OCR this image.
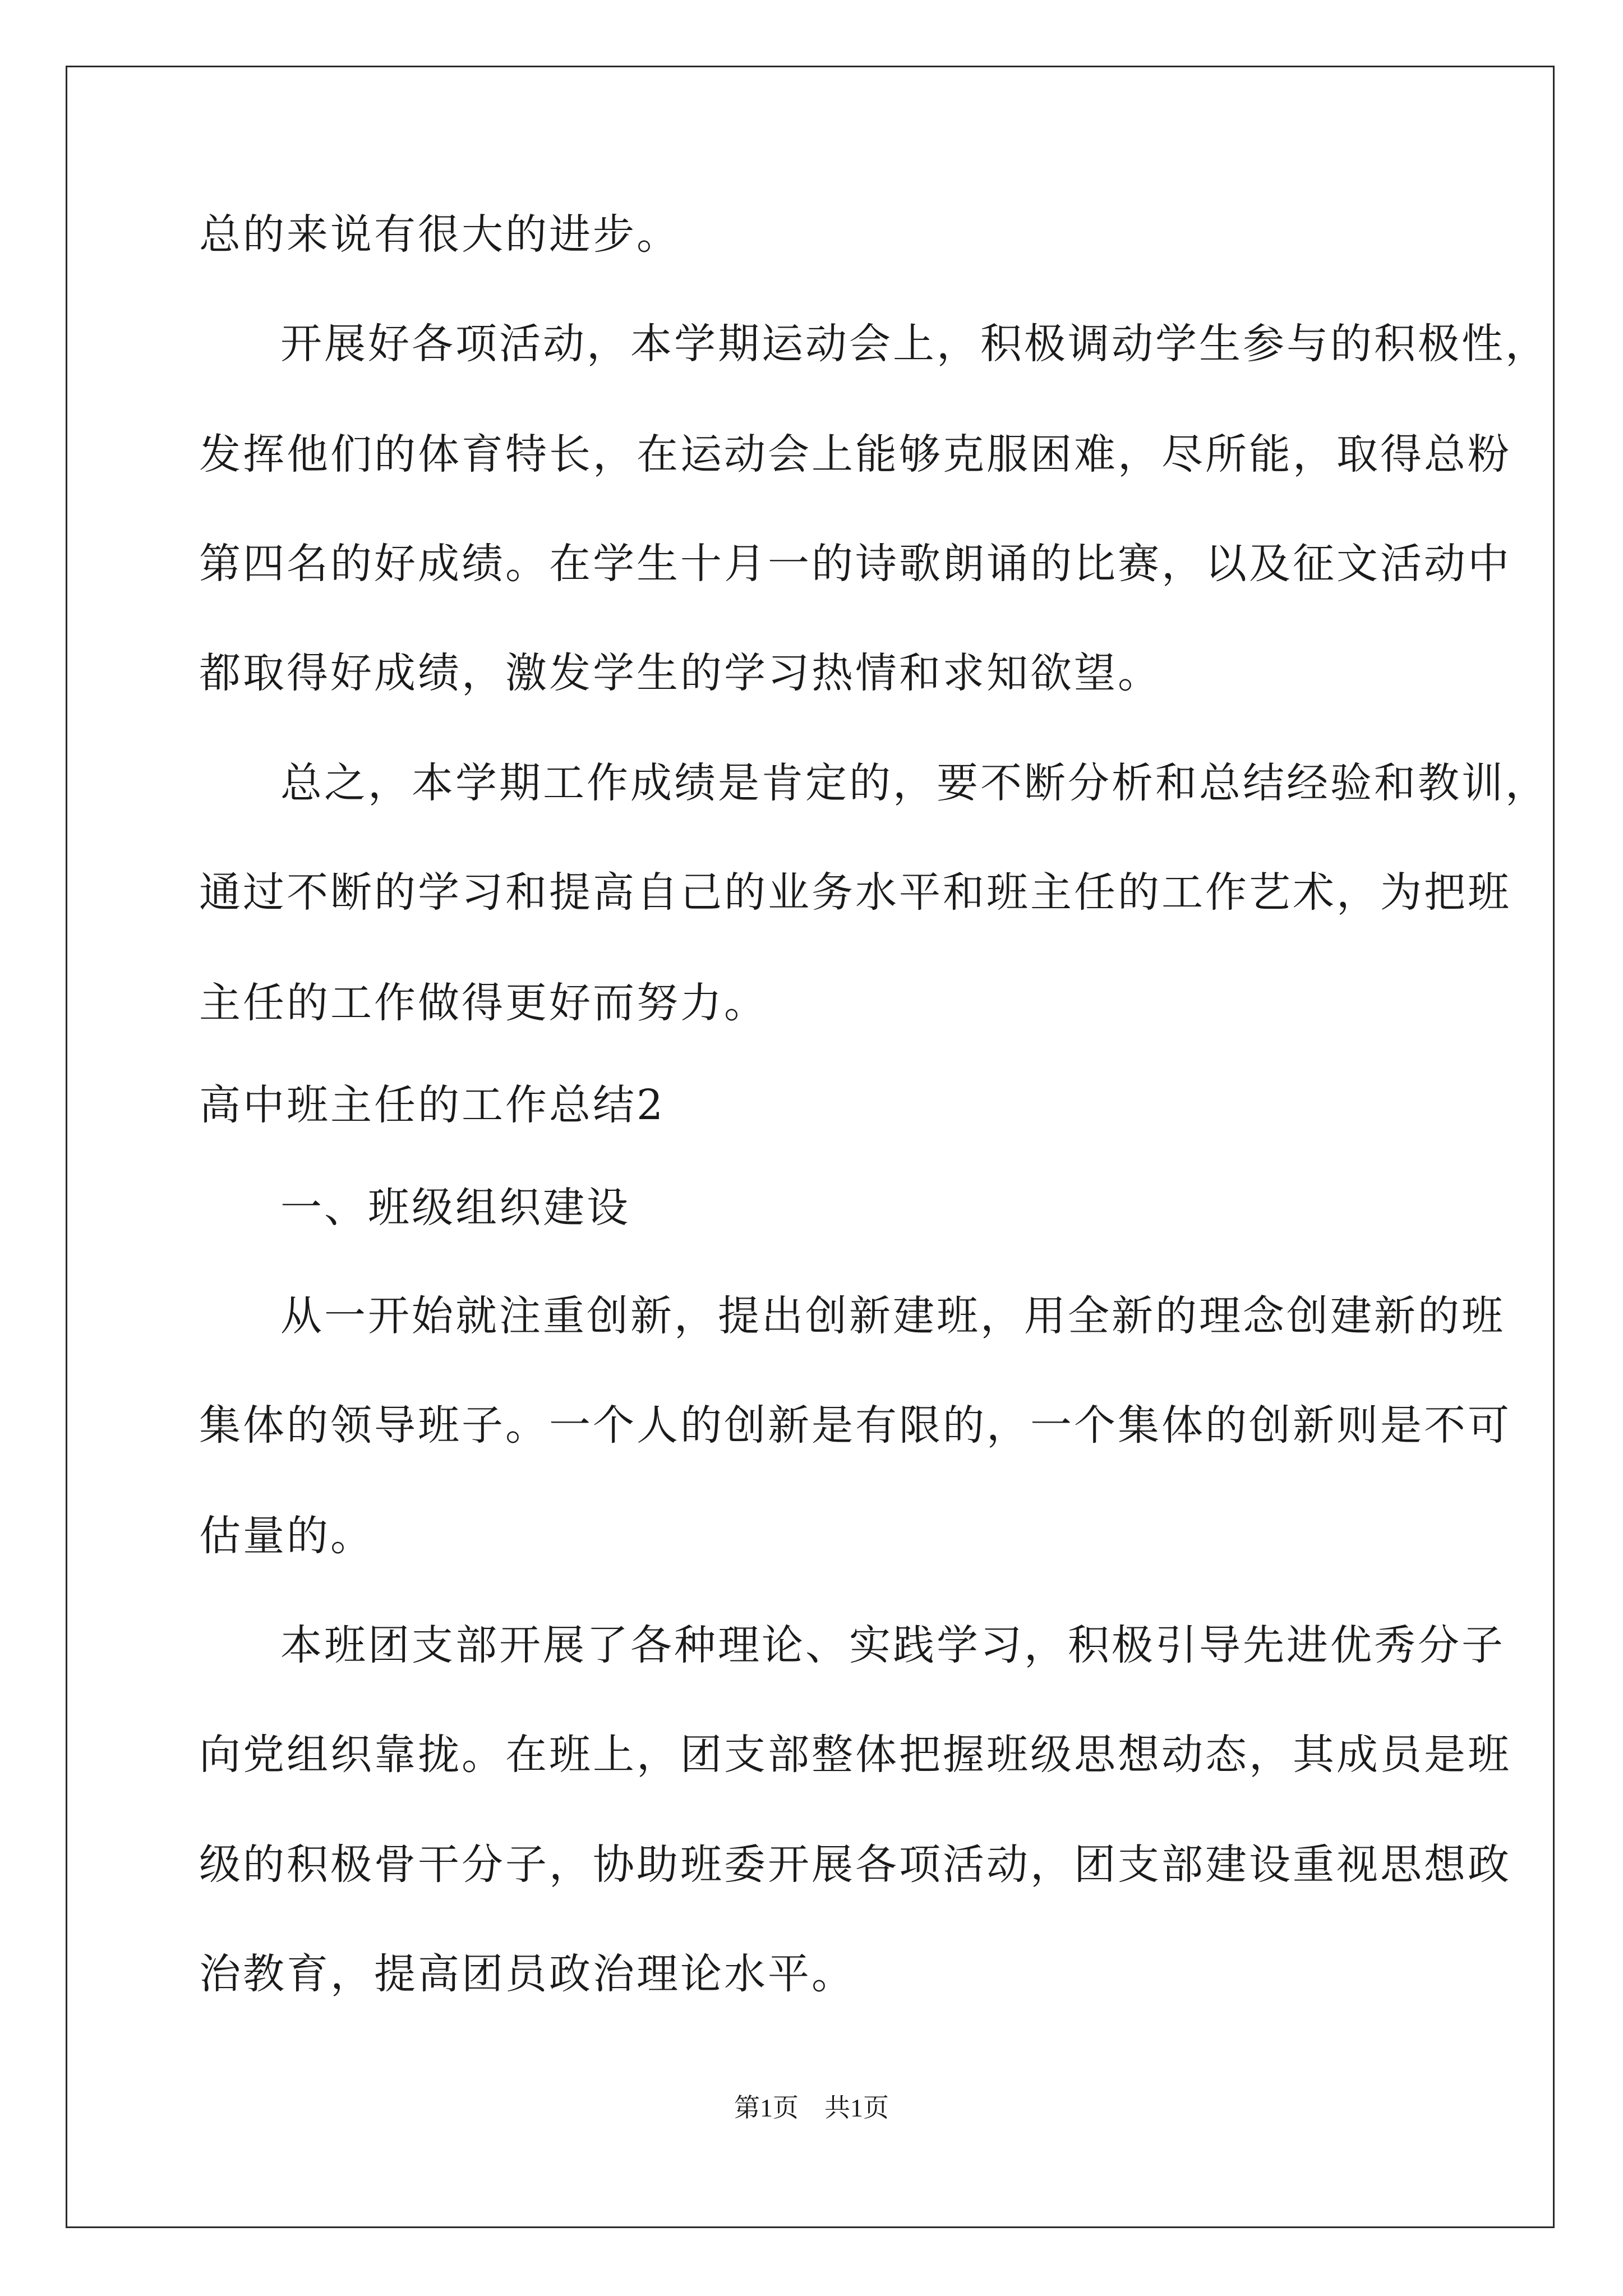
总的来说有很大的进步。
开展好各项活动，本学期运动会上，积极调动学生参与的积极性，
发挥他们的体育特长，在运动会上能够克服困难，尽所能，取得总粉
第四名的好成绩。在学生十月一的诗歌朗诵的比赛，以及征文活动中
都取得好成绩，激发学生的学习热情和求知欲望。
总之，本学期工作成绩是肯定的，要不断分析和总结经验和教训，
通过不断的学习和提高自己的业务水平和班主任的工作艺术，为把班
主任的工作做得更好而努力。
高中班主任的工作总结2
一、班级组织建设
从一开始就注重创新，提出创新建班，用全新的理念创建新的班
集体的领导班子。一个人的创新是有限的，一个集体的创新则是不可
估量的。
本班团支部开展了各种理论、实践学习，积极引导先进优秀分子
向党组织靠拢。在班上，团支部整体把握班级思想动态，其成员是班
级的积极骨干分子，协助班委开展各项活动，团支部建设重视思想政
治教育，提高团员政治理论水平。
第1页　共1页
